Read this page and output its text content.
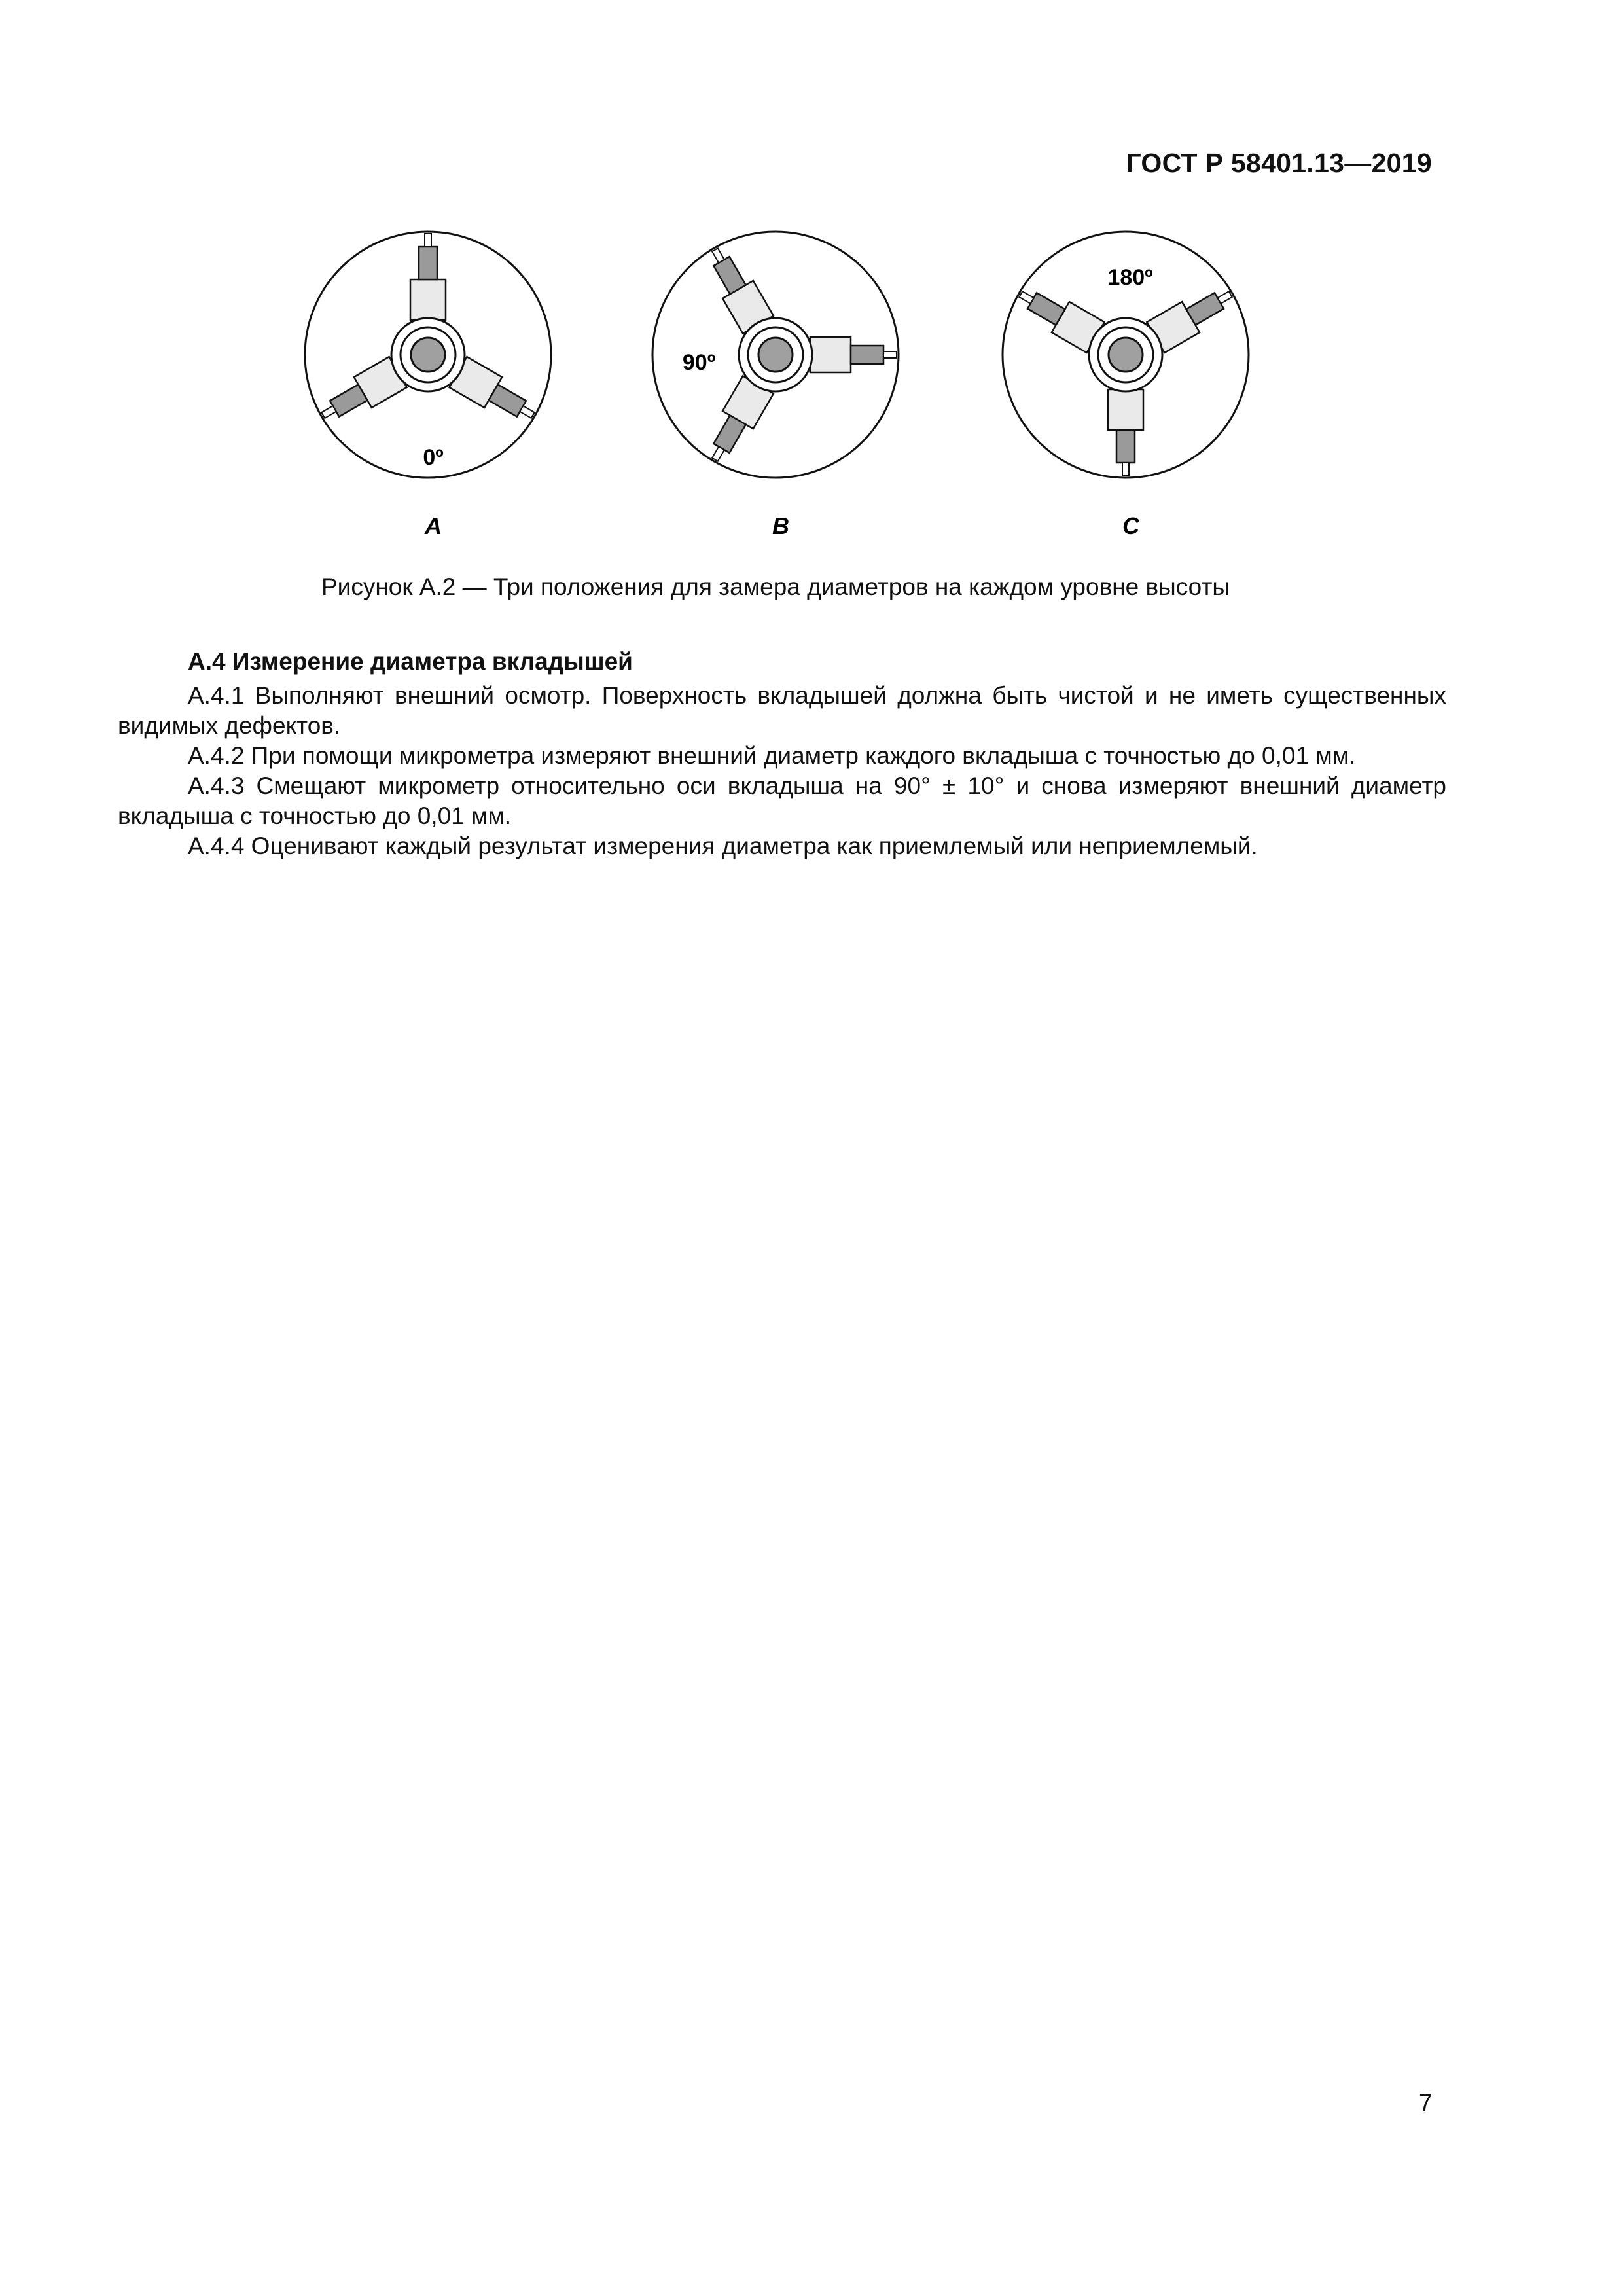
ГОСТ Р 58401.13—2019
0º
90º
180º
A	B	C
Рисунок А.2 — Три положения для замера диаметров на каждом уровне высоты
А.4 Измерение диаметра вкладышей
А.4.1 Выполняют внешний осмотр. Поверхность вкладышей должна быть чистой и не иметь существенных
видимых дефектов.
А.4.2 При помощи микрометра измеряют внешний диаметр каждого вкладыша с точностью до 0,01 мм.
А.4.3 Смещают микрометр относительно оси вкладыша на 90° ± 10° и снова измеряют внешний диаметр
вкладыша с точностью до 0,01 мм.
А.4.4 Оценивают каждый результат измерения диаметра как приемлемый или неприемлемый.
7
